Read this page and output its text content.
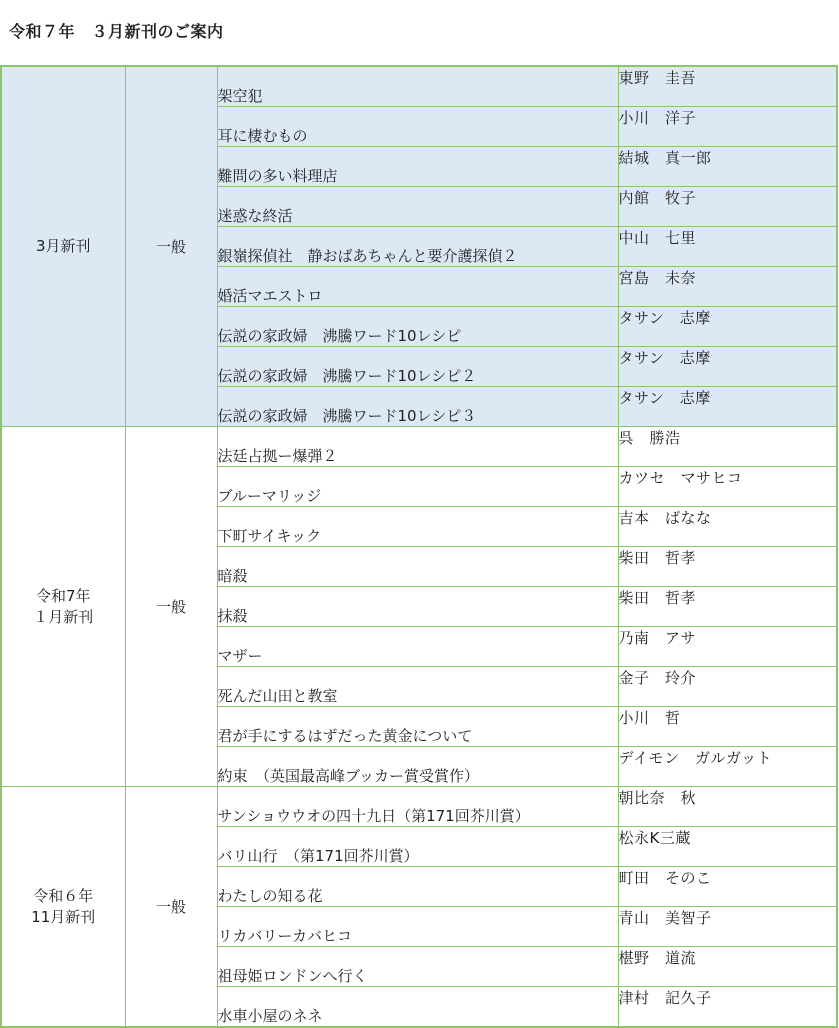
令和７年　３月新刊のご案内
3月新刊	一般	架空犯	東野　圭吾
		耳に棲むもの	小川　洋子
		難問の多い料理店	結城　真一郎
		迷惑な終活	内館　牧子
		銀嶺探偵社　静おばあちゃんと要介護探偵２	中山　七里
		婚活マエストロ	宮島　未奈
		伝説の家政婦　沸騰ワード10レシピ	タサン　志摩
		伝説の家政婦　沸騰ワード10レシピ２	タサン　志摩
		伝説の家政婦　沸騰ワード10レシピ３	タサン　志摩
令和7年
１月新刊	一般	法廷占拠ー爆弾２	呉　勝浩
		ブルーマリッジ	カツセ　マサヒコ
		下町サイキック	吉本　ばなな
		暗殺	柴田　哲孝
		抹殺	柴田　哲孝
		マザー	乃南　アサ
		死んだ山田と教室	金子　玲介
		君が手にするはずだった黄金について	小川　哲
		約束　（英国最高峰ブッカー賞受賞作）	デイモン　ガルガット
令和６年
11月新刊	一般	サンショウウオの四十九日（第171回芥川賞）	朝比奈　秋
		バリ山行　（第171回芥川賞）	松永K三蔵
		わたしの知る花	町田　そのこ
		リカバリーカバヒコ	青山　美智子
		祖母姫ロンドンへ行く	椹野　道流
		水車小屋のネネ	津村　記久子
